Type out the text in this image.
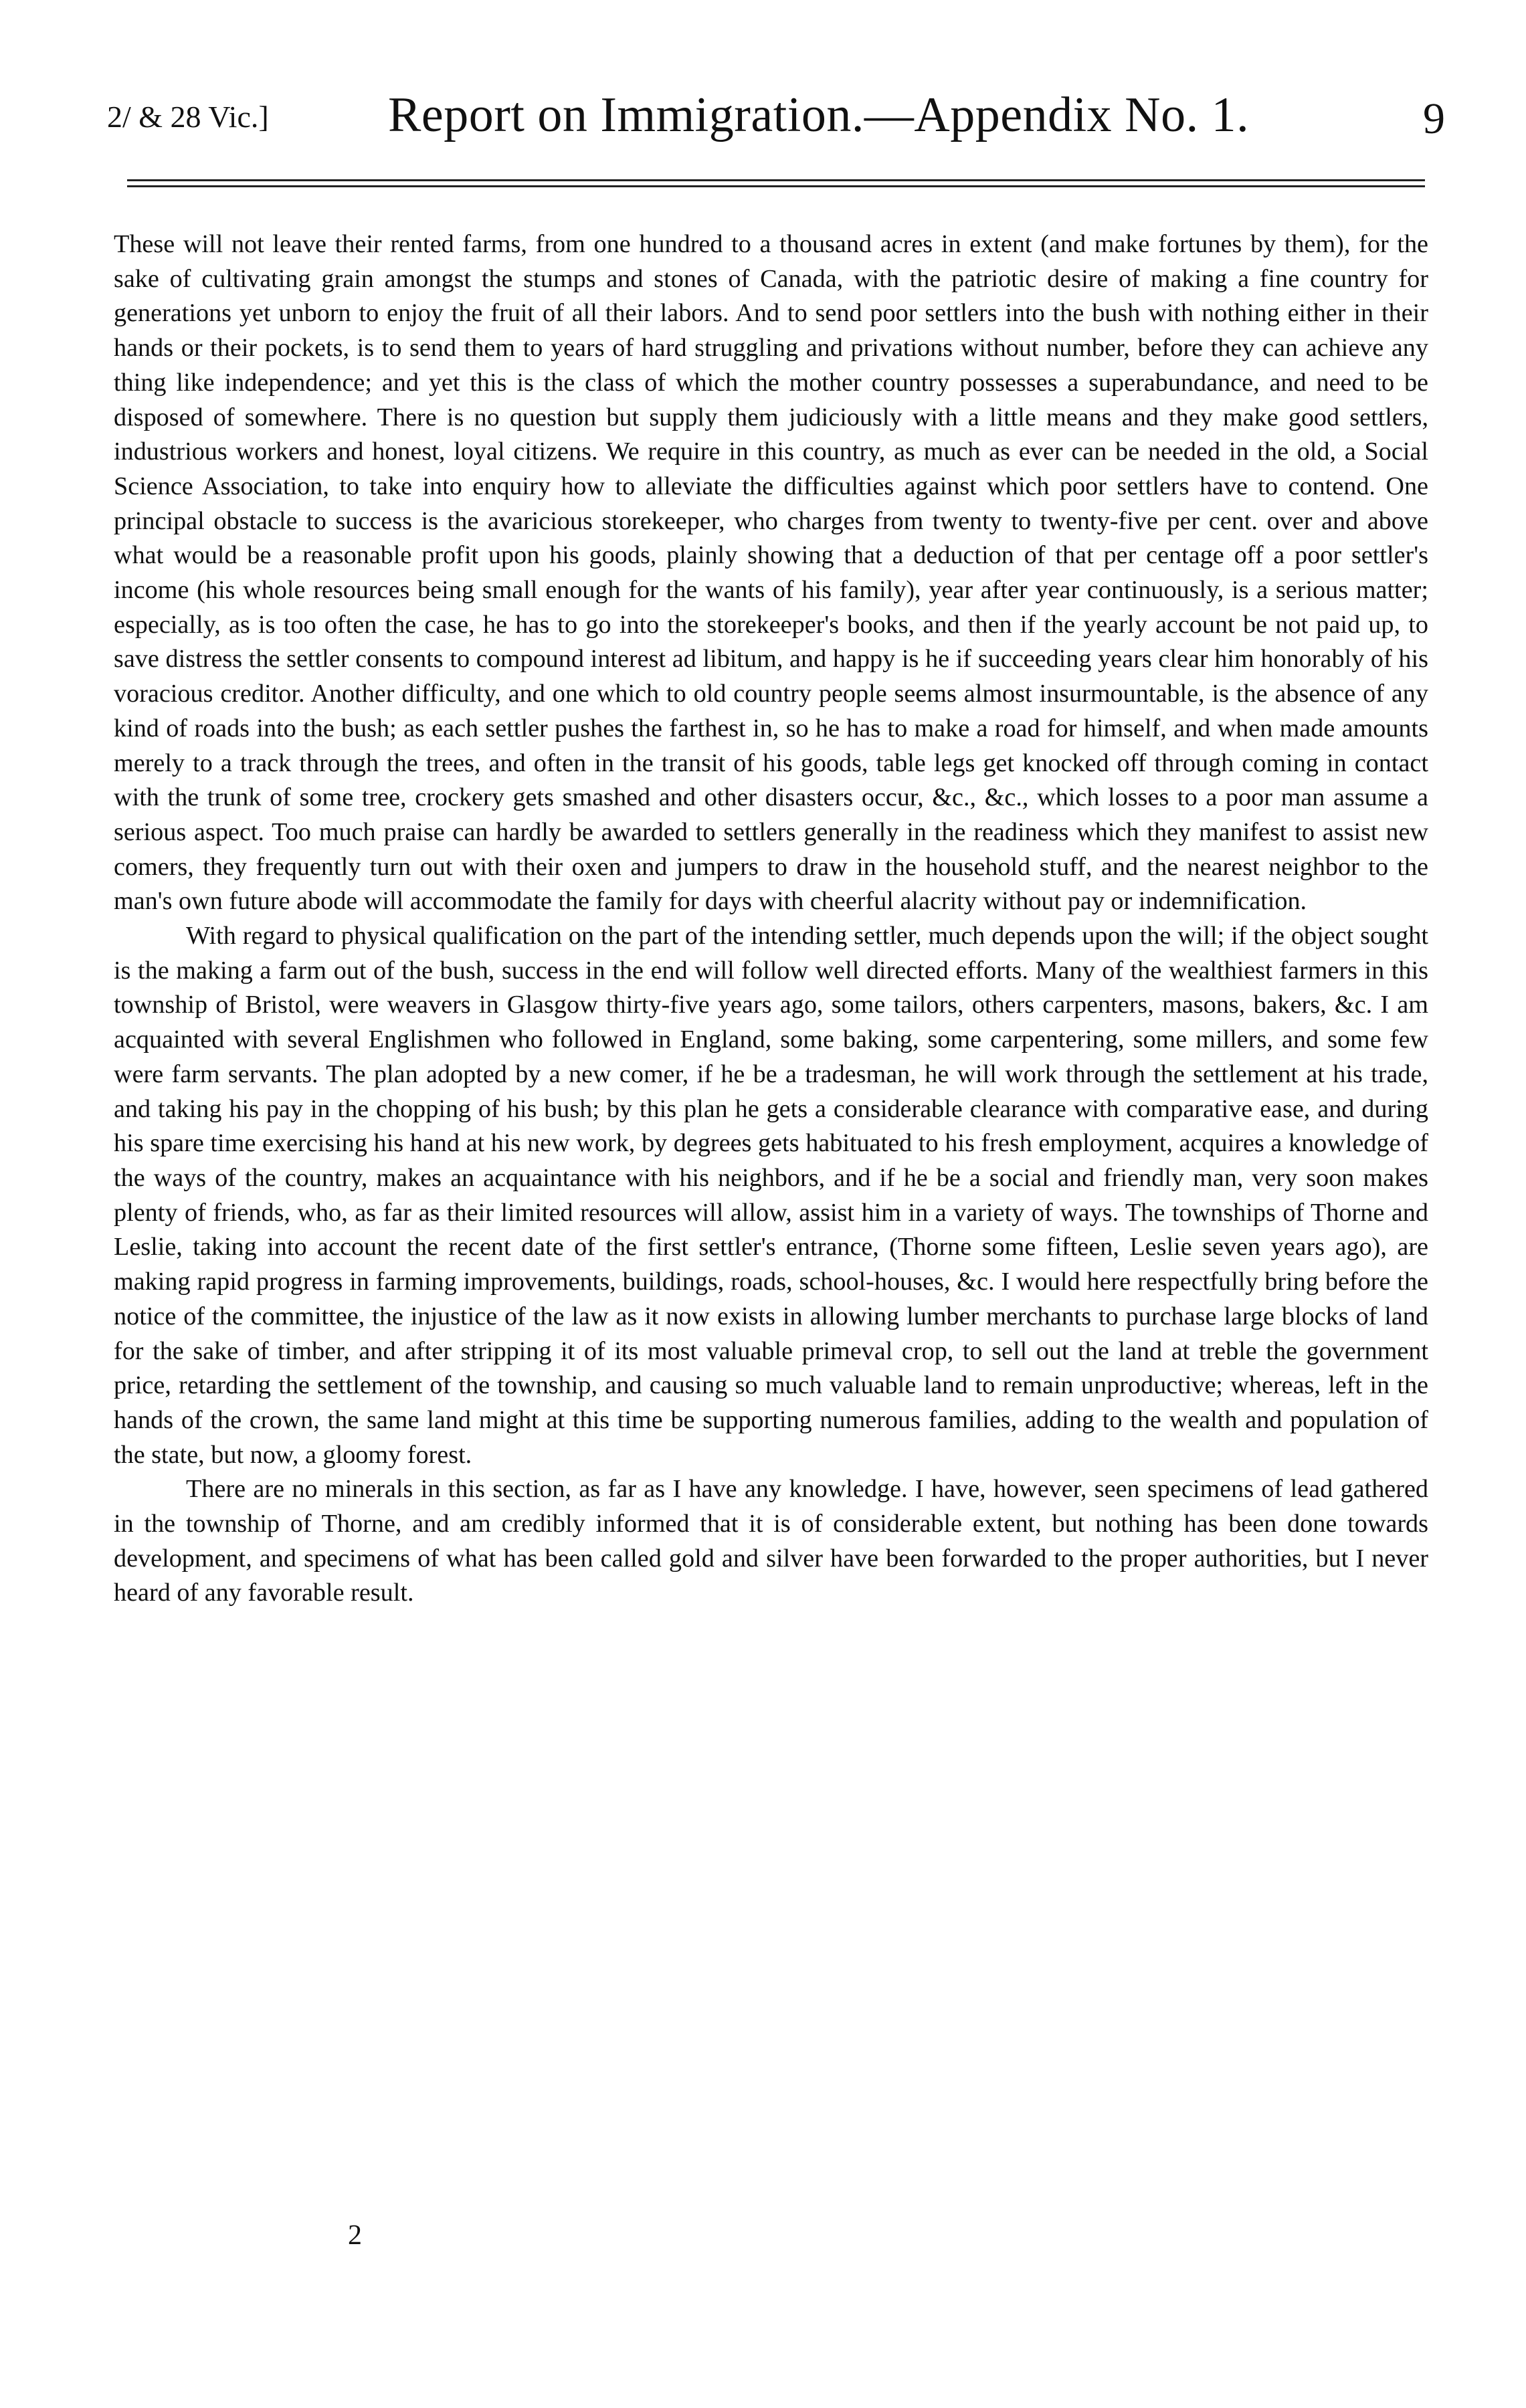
2/ & 28 Vic.] Report on Immigration.—Appendix No. 1.	9

These will not leave their rented farms, from one hundred to a thousand acres in extent (and make fortunes by them), for the sake of cultivating grain amongst the stumps and stones of Canada, with the patriotic desire of making a fine country for generations yet unborn to enjoy the fruit of all their labors. And to send poor settlers into the bush with nothing either in their hands or their pockets, is to send them to years of hard struggling and privations without number, before they can achieve any thing like independence; and yet this is the class of which the mother country possesses a superabundance, and need to be disposed of somewhere. There is no question but supply them judiciously with a little means and they make good settlers, industrious workers and honest, loyal citizens. We require in this country, as much as ever can be needed in the old, a Social Science Association, to take into enquiry how to alleviate the difficulties against which poor settlers have to contend. One principal obstacle to success is the avaricious storekeeper, who charges from twenty to twenty-five per cent. over and above what would be a reasonable profit upon his goods, plainly showing that a deduction of that per centage off a poor settler's income (his whole resources being small enough for the wants of his family), year after year continuously, is a serious matter; especially, as is too often the case, he has to go into the storekeeper's books, and then if the yearly account be not paid up, to save distress the settler consents to compound interest ad libitum, and happy is he if succeeding years clear him honorably of his voracious creditor. Another difficulty, and one which to old country people seems almost insurmountable, is the absence of any kind of roads into the bush; as each settler pushes the farthest in, so he has to make a road for himself, and when made amounts merely to a track through the trees, and often in the transit of his goods, table legs get knocked off through coming in contact with the trunk of some tree, crockery gets smashed and other disasters occur, &c., &c., which losses to a poor man assume a serious aspect. Too much praise can hardly be awarded to settlers generally in the readiness which they manifest to assist new comers, they frequently turn out with their oxen and jumpers to draw in the household stuff, and the nearest neighbor to the man's own future abode will accommodate the family for days with cheerful alacrity without pay or indemnification.

With regard to physical qualification on the part of the intending settler, much depends upon the will; if the object sought is the making a farm out of the bush, success in the end will follow well directed efforts. Many of the wealthiest farmers in this township of Bristol, were weavers in Glasgow thirty-five years ago, some tailors, others carpenters, masons, bakers, &c. I am acquainted with several Englishmen who followed in England, some baking, some carpentering, some millers, and some few were farm servants. The plan adopted by a new comer, if he be a tradesman, he will work through the settlement at his trade, and taking his pay in the chopping of his bush; by this plan he gets a considerable clearance with comparative ease, and during his spare time exercising his hand at his new work, by degrees gets habituated to his fresh employment, acquires a knowledge of the ways of the country, makes an acquaintance with his neighbors, and if he be a social and friendly man, very soon makes plenty of friends, who, as far as their limited resources will allow, assist him in a variety of ways. The townships of Thorne and Leslie, taking into account the recent date of the first settler's entrance, (Thorne some fifteen, Leslie seven years ago), are making rapid progress in farming improvements, buildings, roads, school-houses, &c. I would here respectfully bring before the notice of the committee, the injustice of the law as it now exists in allowing lumber merchants to purchase large blocks of land for the sake of timber, and after stripping it of its most valuable primeval crop, to sell out the land at treble the government price, retarding the settlement of the township, and causing so much valuable land to remain unproductive; whereas, left in the hands of the crown, the same land might at this time be supporting numerous families, adding to the wealth and population of the state, but now, a gloomy forest.

There are no minerals in this section, as far as I have any knowledge. I have, however, seen specimens of lead gathered in the township of Thorne, and am credibly informed that it is of considerable extent, but nothing has been done towards development, and specimens of what has been called gold and silver have been forwarded to the proper authorities, but I never heard of any favorable result.

2
